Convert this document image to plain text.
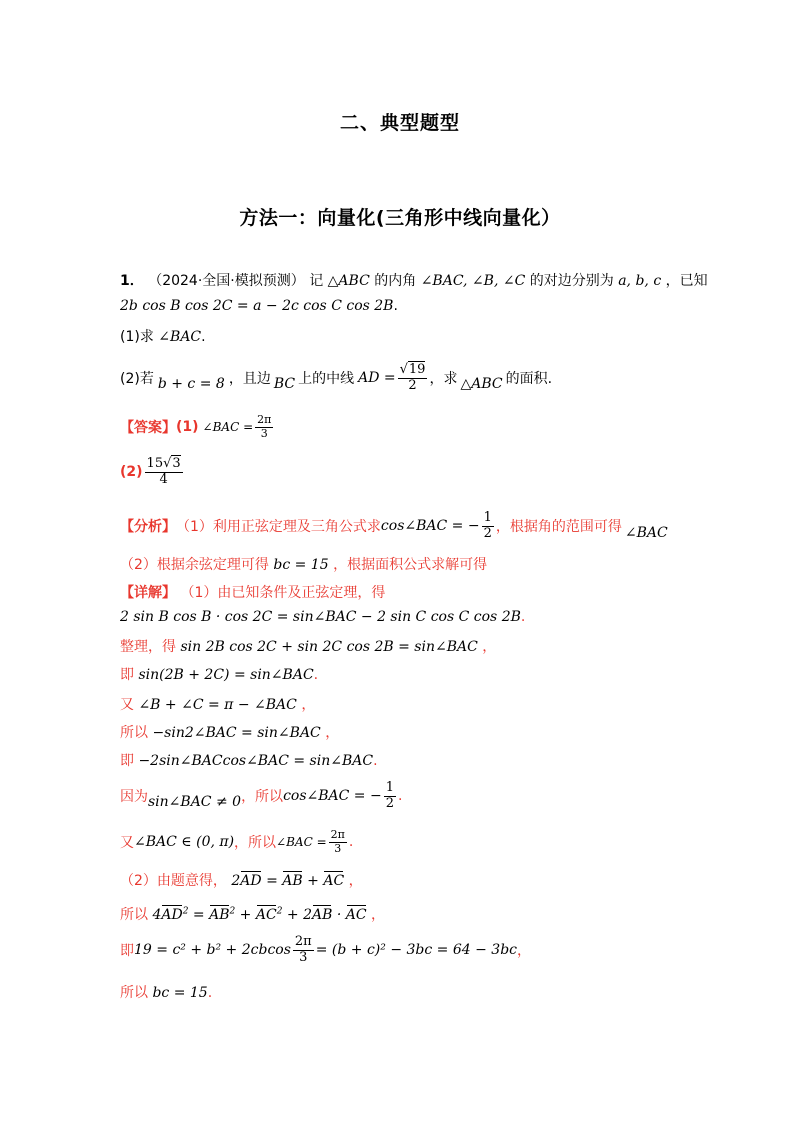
二、典型题型
方法一：向量化(三角形中线向量化）
1． （2024·全国·模拟预测） 记 △ABC 的内角 ∠BAC, ∠B, ∠C 的对边分别为 a, b, c ，已知
2b cos B cos 2C = a − 2c cos C cos 2B.
(1)求 ∠BAC.
(2)若 b + c = 8 ，且边 BC 上的中线 AD = $\frac{√19}{2}$ ，求 △ABC 的面积.
【答案】 (1) ∠BAC = $\frac{2\pi}{3}$
$(2) \frac{15√3}{4}$
【分析】 （1）利用正弦定理及三角公式求 cos∠BAC = − $\frac{1}{2}$ ，根据角的范围可得 ∠BAC
（2）根据余弦定理可得 bc = 15 ，根据面积公式求解可得
【详解】 （1）由已知条件及正弦定理，得
2 sin B cos B · cos 2C = sin∠BAC − 2 sin C cos C cos 2B.
整理，得 sin 2B cos 2C + sin 2C cos 2B = sin∠BAC ，
即 sin(2B + 2C) = sin∠BAC.
又 ∠B + ∠C = π − ∠BAC ，
所以 −sin2∠BAC = sin∠BAC ，
即 −2sin∠BACcos∠BAC = sin∠BAC.
因为 sin∠BAC ≠ 0 ，所以 cos∠BAC = − $\frac{1}{2}$ .
又 ∠BAC ∈ (0, π) ，所以 ∠BAC = $\frac{2\pi}{3}$ .
（2）由题意得， 2AD = AB + AC ，
所以 $4AD^2 = AB^2 + AC^2 + 2AB$ · AC ，
即 $19 = c^2 + b^2 + 2cbcos \frac{2\pi}{3} = (b + c)^2 - 3bc = 64 - 3bc$ ，
所以 bc = 15.
